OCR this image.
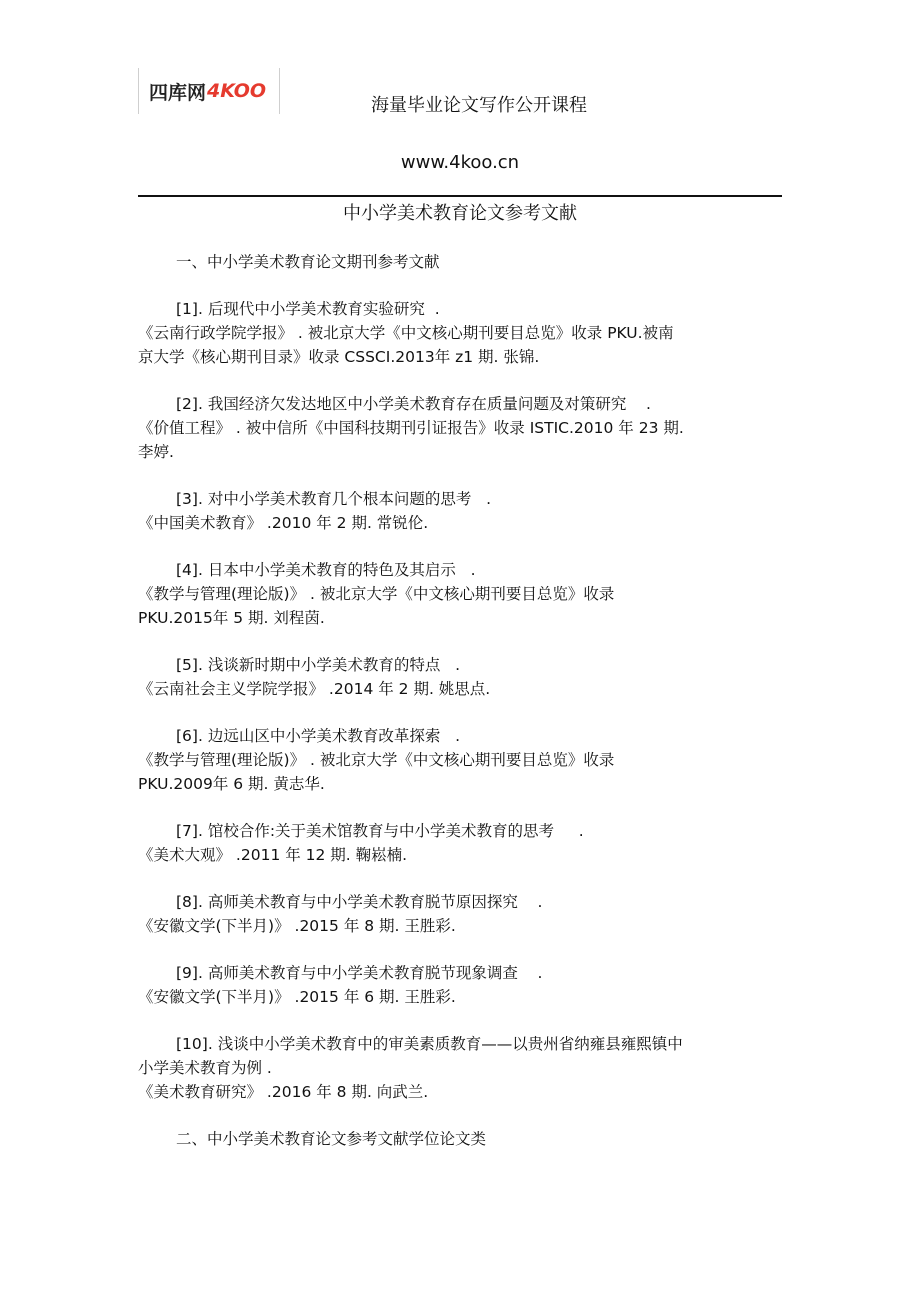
四库网 4KOO
海量毕业论文写作公开课程
www.4koo.cn
中小学美术教育论文参考文献
一、中小学美术教育论文期刊参考文献
[1]. 后现代中小学美术教育实验研究  .
《云南行政学院学报》 . 被北京大学《中文核心期刊要目总览》收录 PKU.被南
京大学《核心期刊目录》收录 CSSCI.2013年 z1 期. 张锦.
[2]. 我国经济欠发达地区中小学美术教育存在质量问题及对策研究    .
《价值工程》 . 被中信所《中国科技期刊引证报告》收录 ISTIC.2010 年 23 期.
李婷.
[3]. 对中小学美术教育几个根本问题的思考   .
《中国美术教育》 .2010 年 2 期. 常锐伦.
[4]. 日本中小学美术教育的特色及其启示   .
《教学与管理(理论版)》 . 被北京大学《中文核心期刊要目总览》收录
PKU.2015年 5 期. 刘程茵.
[5]. 浅谈新时期中小学美术教育的特点   .
《云南社会主义学院学报》 .2014 年 2 期. 姚思点.
[6]. 边远山区中小学美术教育改革探索   .
《教学与管理(理论版)》 . 被北京大学《中文核心期刊要目总览》收录
PKU.2009年 6 期. 黄志华.
[7]. 馆校合作:关于美术馆教育与中小学美术教育的思考     .
《美术大观》 .2011 年 12 期. 鞠崧楠.
[8]. 高师美术教育与中小学美术教育脱节原因探究    .
《安徽文学(下半月)》 .2015 年 8 期. 王胜彩.
[9]. 高师美术教育与中小学美术教育脱节现象调查    .
《安徽文学(下半月)》 .2015 年 6 期. 王胜彩.
[10]. 浅谈中小学美术教育中的审美素质教育——以贵州省纳雍县雍熙镇中
小学美术教育为例 .
《美术教育研究》 .2016 年 8 期. 向武兰.
二、中小学美术教育论文参考文献学位论文类
